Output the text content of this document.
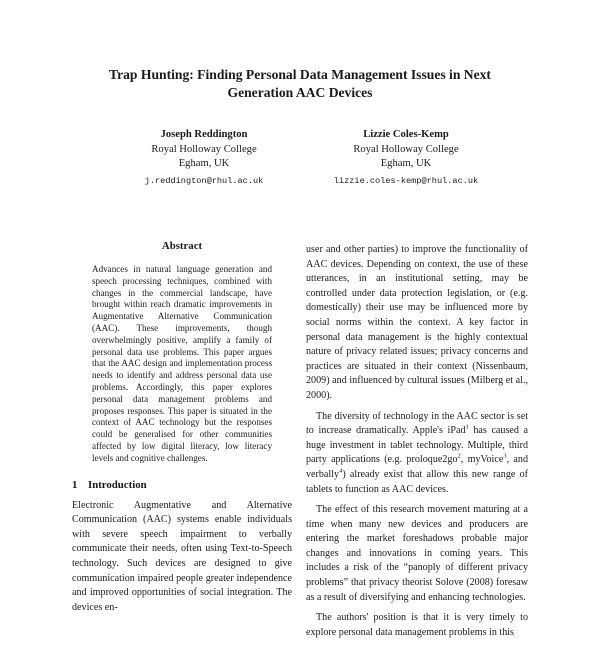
Trap Hunting: Finding Personal Data Management Issues in Next
Generation AAC Devices
Joseph Reddington
Royal Holloway College
Egham, UK
j.reddington@rhul.ac.uk
Lizzie Coles-Kemp
Royal Holloway College
Egham, UK
lizzie.coles-kemp@rhul.ac.uk
Abstract

Advances in natural language generation and speech processing techniques, combined with changes in the commercial landscape, have brought within reach dramatic improvements in Augmentative Alternative Communication (AAC). These improvements, though overwhelmingly positive, amplify a family of personal data use problems. This paper argues that the AAC design and implementation process needs to identify and address personal data use problems. Accordingly, this paper explores personal data management problems and proposes responses. This paper is situated in the context of AAC technology but the responses could be generalised for other communities affected by low digital literacy, low literacy levels and cognitive challenges.

1 Introduction

Electronic Augmentative and Alternative Communication (AAC) systems enable individuals with severe speech impairment to verbally communicate their needs, often using Text-to-Speech technology. Such devices are designed to give communication impaired people greater independence and improved opportunities of social integration. The devices en-

user and other parties) to improve the functionality of AAC devices. Depending on context, the use of these utterances, in an institutional setting, may be controlled under data protection legislation, or (e.g. domestically) their use may be influenced more by social norms within the context. A key factor in personal data management is the highly contextual nature of privacy related issues; privacy concerns and practices are situated in their context (Nissenbaum, 2009) and influenced by cultural issues (Milberg et al., 2000).

The diversity of technology in the AAC sector is set to increase dramatically. Apple's iPad$^1$ has caused a huge investment in tablet technology. Multiple, third party applications (e.g. $proloque2go^2$, myVoice$^3$, and verbally$^4$) already exist that allow this new range of tablets to function as AAC devices.

The effect of this research movement maturing at a time when many new devices and producers are entering the market foreshadows probable major changes and innovations in coming years. This includes a risk of the “panoply of different privacy problems” that privacy theorist Solove (2008) foresaw as a result of diversifying and enhancing technologies.

The authors' position is that it is very timely to explore personal data management problems in this
